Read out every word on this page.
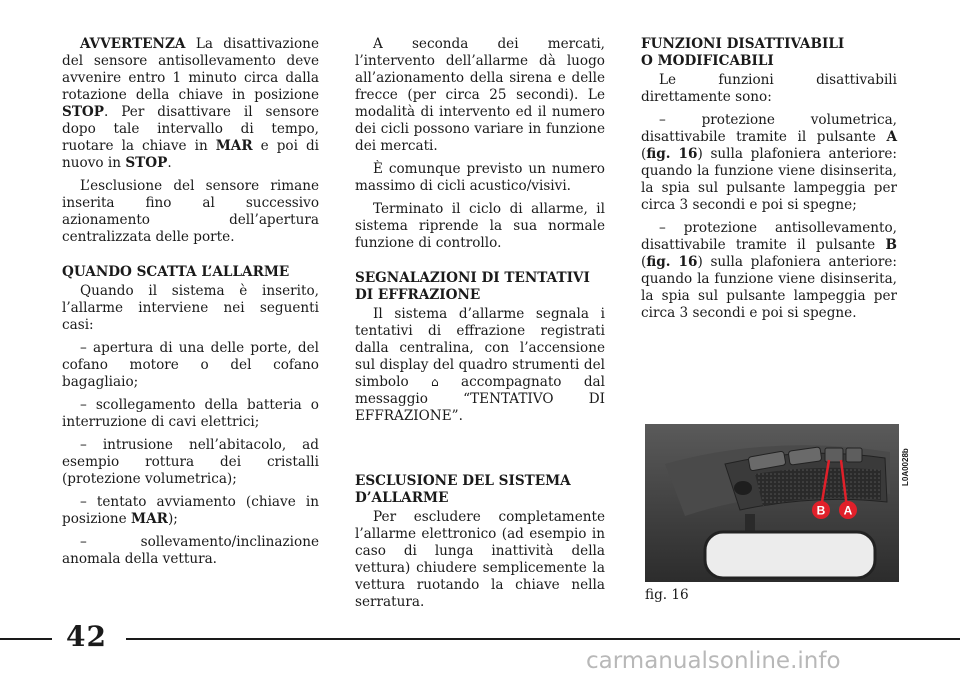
AVVERTENZA La disattivazione del sensore antisollevamento deve avvenire entro 1 minuto circa dalla rotazione della chiave in posizione STOP. Per disattivare il sensore dopo tale intervallo di tempo, ruotare la chiave in MAR e poi di nuovo in STOP.

L’esclusione del sensore rimane inserita fino al successivo azionamento dell’apertura centralizzata delle porte.

QUANDO SCATTA L’ALLARME

Quando il sistema è inserito, l’allarme interviene nei seguenti casi:

– apertura di una delle porte, del cofano motore o del cofano bagagliaio;

– scollegamento della batteria o interruzione di cavi elettrici;

– intrusione nell’abitacolo, ad esempio rottura dei cristalli (protezione volumetrica);

– tentato avviamento (chiave in posizione MAR);

– sollevamento/inclinazione anomala della vettura.

A seconda dei mercati, l’intervento dell’allarme dà luogo all’azionamento della sirena e delle frecce (per circa 25 secondi). Le modalità di intervento ed il numero dei cicli possono variare in funzione dei mercati.

È comunque previsto un numero massimo di cicli acustico/visivi.

Terminato il ciclo di allarme, il sistema riprende la sua normale funzione di controllo.

SEGNALAZIONI DI TENTATIVI
DI EFFRAZIONE

Il sistema d’allarme segnala i tentativi di effrazione registrati dalla centralina, con l’accensione sul display del quadro strumenti del simbolo ⌂ accompagnato dal messaggio “TENTATIVO DI EFFRAZIONE”.

ESCLUSIONE DEL SISTEMA
D’ALLARME

Per escludere completamente l’allarme elettronico (ad esempio in caso di lunga inattività della vettura) chiudere semplicemente la vettura ruotando la chiave nella serratura.

FUNZIONI DISATTIVABILI
O MODIFICABILI

Le funzioni disattivabili direttamente sono:

– protezione volumetrica, disattivabile tramite il pulsante A (fig. 16) sulla plafoniera anteriore: quando la funzione viene disinserita, la spia sul pulsante lampeggia per circa 3 secondi e poi si spegne;

– protezione antisollevamento, disattivabile tramite il pulsante B (fig. 16) sulla plafoniera anteriore: quando la funzione viene disinserita, la spia sul pulsante lampeggia per circa 3 secondi e poi si spegne.

B A
L0A0028b
fig. 16
42
carmanualsonline.info
